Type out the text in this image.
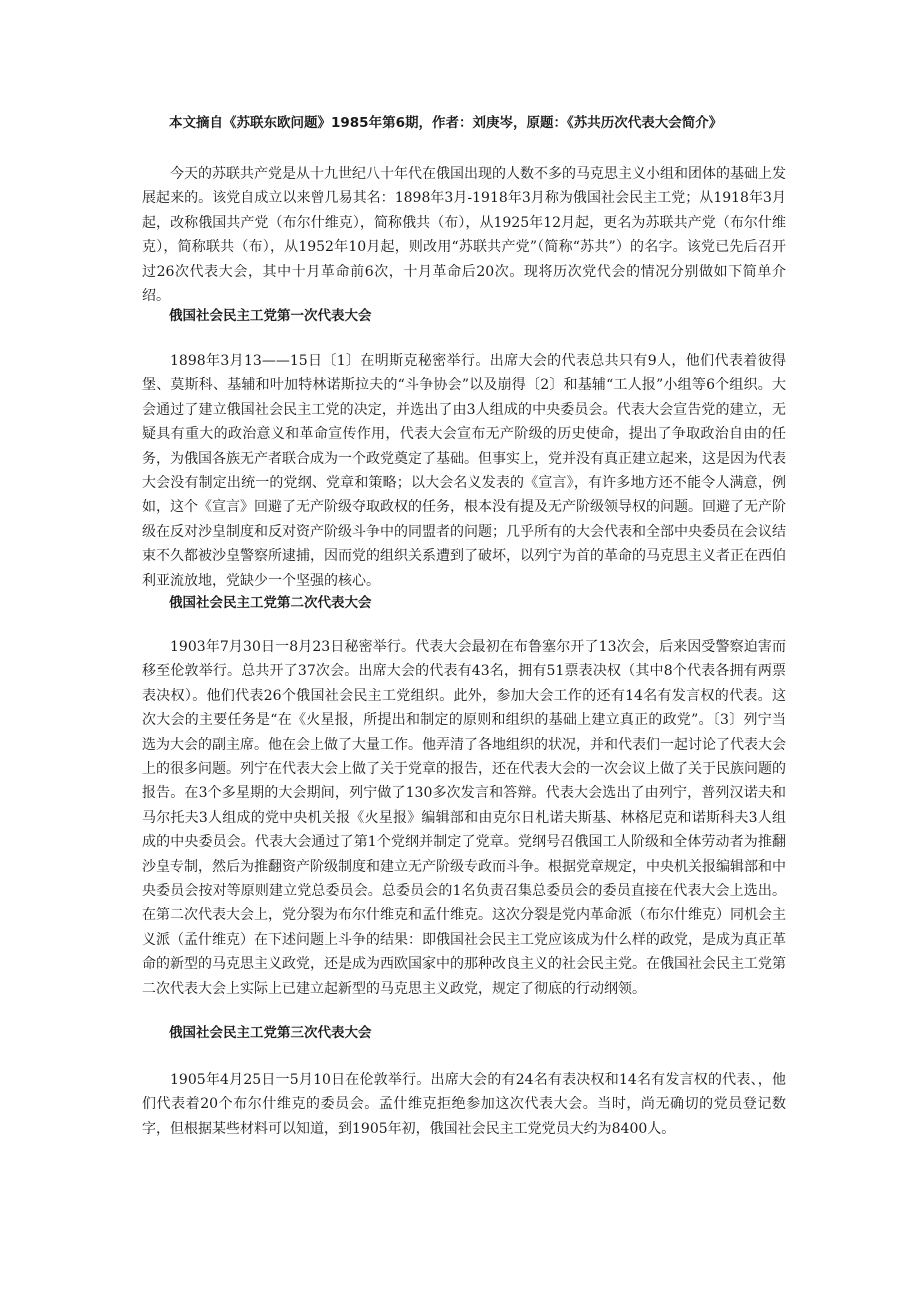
本文摘自《苏联东欧问题》1985年第6期，作者：刘庚岑，原题：《苏共历次代表大会简介》

今天的苏联共产党是从十九世纪八十年代在俄国出现的人数不多的马克思主义小组和团体的基础上发展起来的。该党自成立以来曾几易其名：1898年3月-1918年3月称为俄国社会民主工党；从1918年3月起，改称俄国共产党（布尔什维克），简称俄共（布），从1925年12月起，更名为苏联共产党（布尔什维克），简称联共（布），从1952年10月起，则改用“苏联共产党”（简称“苏共”）的名字。该党已先后召开过26次代表大会，其中十月革命前6次，十月革命后20次。现将历次党代会的情况分别做如下简单介绍。

俄国社会民主工党第一次代表大会

1898年3月13——15日〔1〕在明斯克秘密举行。出席大会的代表总共只有9人，他们代表着彼得堡、莫斯科、基辅和叶加特林诺斯拉夫的“斗争协会”以及崩得〔2〕和基辅“工人报”小组等6个组织。大会通过了建立俄国社会民主工党的决定，并选出了由3人组成的中央委员会。代表大会宣告党的建立，无疑具有重大的政治意义和革命宣传作用，代表大会宣布无产阶级的历史使命，提出了争取政治自由的任务，为俄国各族无产者联合成为一个政党奠定了基础。但事实上，党并没有真正建立起来，这是因为代表大会没有制定出统一的党纲、党章和策略；以大会名义发表的《宣言》，有许多地方还不能令人满意，例如，这个《宣言》回避了无产阶级夺取政权的任务，根本没有提及无产阶级领导权的问题。回避了无产阶级在反对沙皇制度和反对资产阶级斗争中的同盟者的问题；几乎所有的大会代表和全部中央委员在会议结束不久都被沙皇警察所逮捕，因而党的组织关系遭到了破坏，以列宁为首的革命的马克思主义者正在西伯利亚流放地，党缺少一个坚强的核心。

俄国社会民主工党第二次代表大会

1903年7月30日一8月23日秘密举行。代表大会最初在布鲁塞尔开了13次会，后来因受警察迫害而移至伦敦举行。总共开了37次会。出席大会的代表有43名，拥有51票表决权（其中8个代表各拥有两票表决权）。他们代表26个俄国社会民主工党组织。此外，参加大会工作的还有14名有发言权的代表。这次大会的主要任务是“在《火星报，所提出和制定的原则和组织的基础上建立真正的政党”。〔3〕列宁当选为大会的副主席。他在会上做了大量工作。他弄清了各地组织的状况，并和代表们一起讨论了代表大会上的很多问题。列宁在代表大会上做了关于党章的报告，还在代表大会的一次会议上做了关于民族问题的报告。在3个多星期的大会期间，列宁做了130多次发言和答辩。代表大会选出了由列宁，普列汉诺夫和马尔托夫3人组成的党中央机关报《火星报》编辑部和由克尔日札诺夫斯基、林格尼克和诺斯科夫3人组成的中央委员会。代表大会通过了第1个党纲并制定了党章。党纲号召俄国工人阶级和全体劳动者为推翻沙皇专制，然后为推翻资产阶级制度和建立无产阶级专政而斗争。根据党章规定，中央机关报编辑部和中央委员会按对等原则建立党总委员会。总委员会的1名负责召集总委员会的委员直接在代表大会上选出。在第二次代表大会上，党分裂为布尔什维克和孟什维克。这次分裂是党内革命派（布尔什维克）同机会主义派（孟什维克）在下述问题上斗争的结果：即俄国社会民主工党应该成为什么样的政党，是成为真正革命的新型的马克思主义政党，还是成为西欧国家中的那种改良主义的社会民主党。在俄国社会民主工党第二次代表大会上实际上已建立起新型的马克思主义政党，规定了彻底的行动纲领。

俄国社会民主工党第三次代表大会

1905年4月25日一5月10日在伦敦举行。出席大会的有24名有表决权和14名有发言权的代表、，他们代表着20个布尔什维克的委员会。孟什维克拒绝参加这次代表大会。当时，尚无确切的党员登记数字，但根据某些材料可以知道，到1905年初，俄国社会民主工党党员大约为8400人。
